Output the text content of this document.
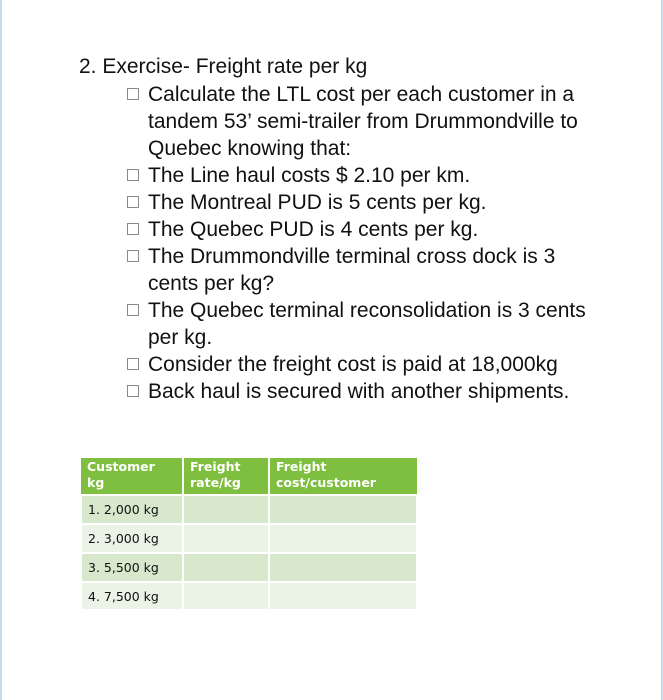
2. Exercise- Freight rate per kg
Calculate the LTL cost per each customer in a tandem 53’ semi-trailer from Drummondville to Quebec knowing that:
The Line haul costs $ 2.10 per km.
The Montreal PUD is 5 cents per kg.
The Quebec PUD is 4 cents per kg.
The Drummondville terminal cross dock is 3 cents per kg?
The Quebec terminal reconsolidation is 3 cents per kg.
Consider the freight cost is paid at 18,000kg
Back haul is secured with another shipments.
Customer kg	Freight rate/kg	Freight cost/customer
1. 2,000 kg		
2. 3,000 kg		
3. 5,500 kg		
4. 7,500 kg		
